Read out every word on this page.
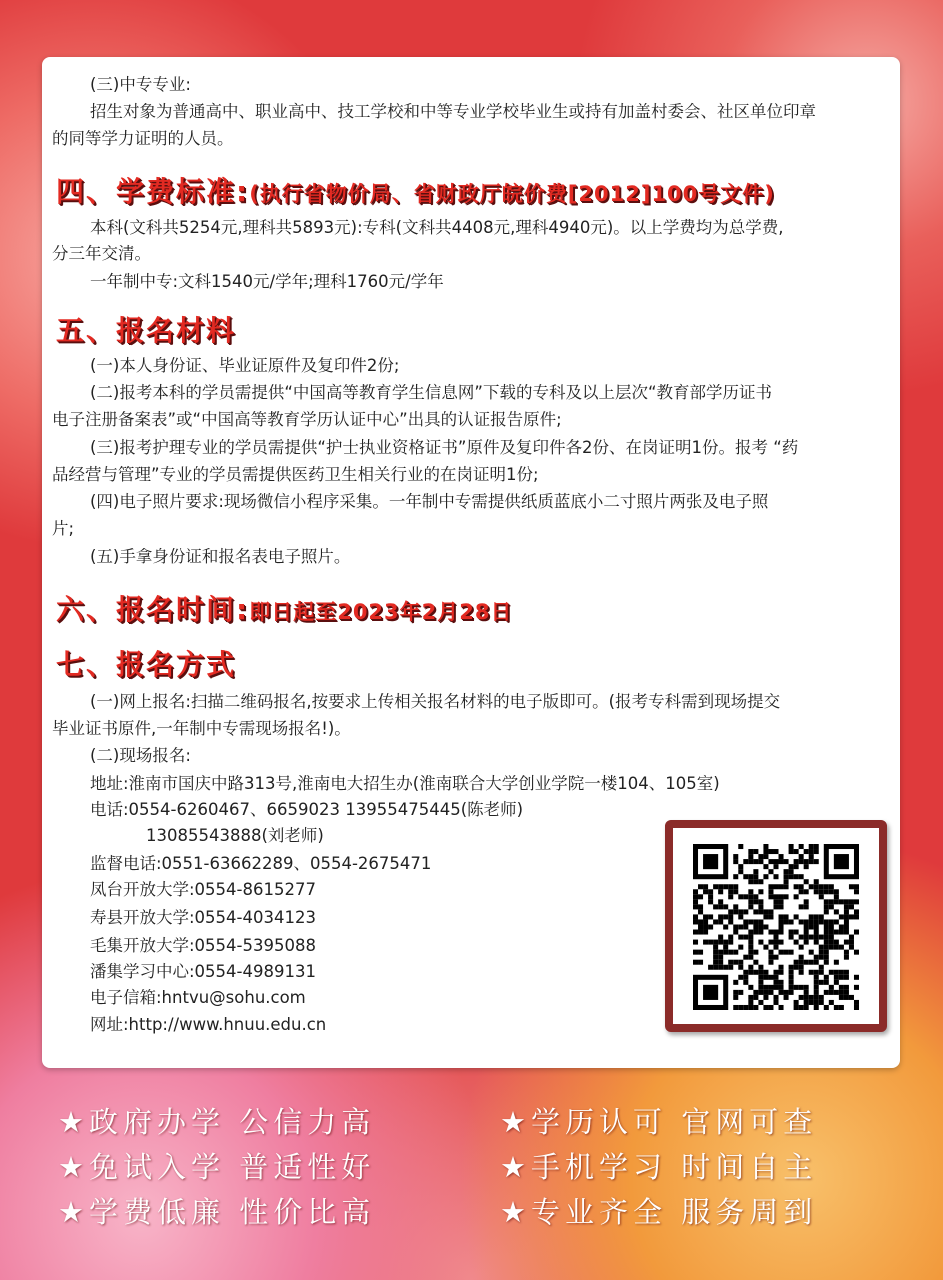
(三)中专专业:
招生对象为普通高中、职业高中、技工学校和中等专业学校毕业生或持有加盖村委会、社区单位印章
的同等学力证明的人员。
四、学费标准:(执行省物价局、省财政厅皖价费[2012]100号文件)
本科(文科共5254元,理科共5893元):专科(文科共4408元,理科4940元)。以上学费均为总学费,
分三年交清。
一年制中专:文科1540元/学年;理科1760元/学年
五、报名材料
(一)本人身份证、毕业证原件及复印件2份;
(二)报考本科的学员需提供“中国高等教育学生信息网”下载的专科及以上层次“教育部学历证书
电子注册备案表”或“中国高等教育学历认证中心”出具的认证报告原件;
(三)报考护理专业的学员需提供“护士执业资格证书”原件及复印件各2份、在岗证明1份。报考 “药
品经营与管理”专业的学员需提供医药卫生相关行业的在岗证明1份;
(四)电子照片要求:现场微信小程序采集。一年制中专需提供纸质蓝底小二寸照片两张及电子照
片;
(五)手拿身份证和报名表电子照片。
六、报名时间:即日起至2023年2月28日
七、报名方式
(一)网上报名:扫描二维码报名,按要求上传相关报名材料的电子版即可。(报考专科需到现场提交
毕业证书原件,一年制中专需现场报名!)。
(二)现场报名:
地址:淮南市国庆中路313号,淮南电大招生办(淮南联合大学创业学院一楼104、105室)
电话:0554-6260467、6659023 13955475445(陈老师)
13085543888(刘老师)
监督电话:0551-63662289、0554-2675471
凤台开放大学:0554-8615277
寿县开放大学:0554-4034123
毛集开放大学:0554-5395088
潘集学习中心:0554-4989131
电子信箱:hntvu@sohu.com
网址:http://www.hnuu.edu.cn
★政府办学 公信力高	★学历认可 官网可查
★免试入学 普适性好	★手机学习 时间自主
★学费低廉 性价比高	★专业齐全 服务周到
